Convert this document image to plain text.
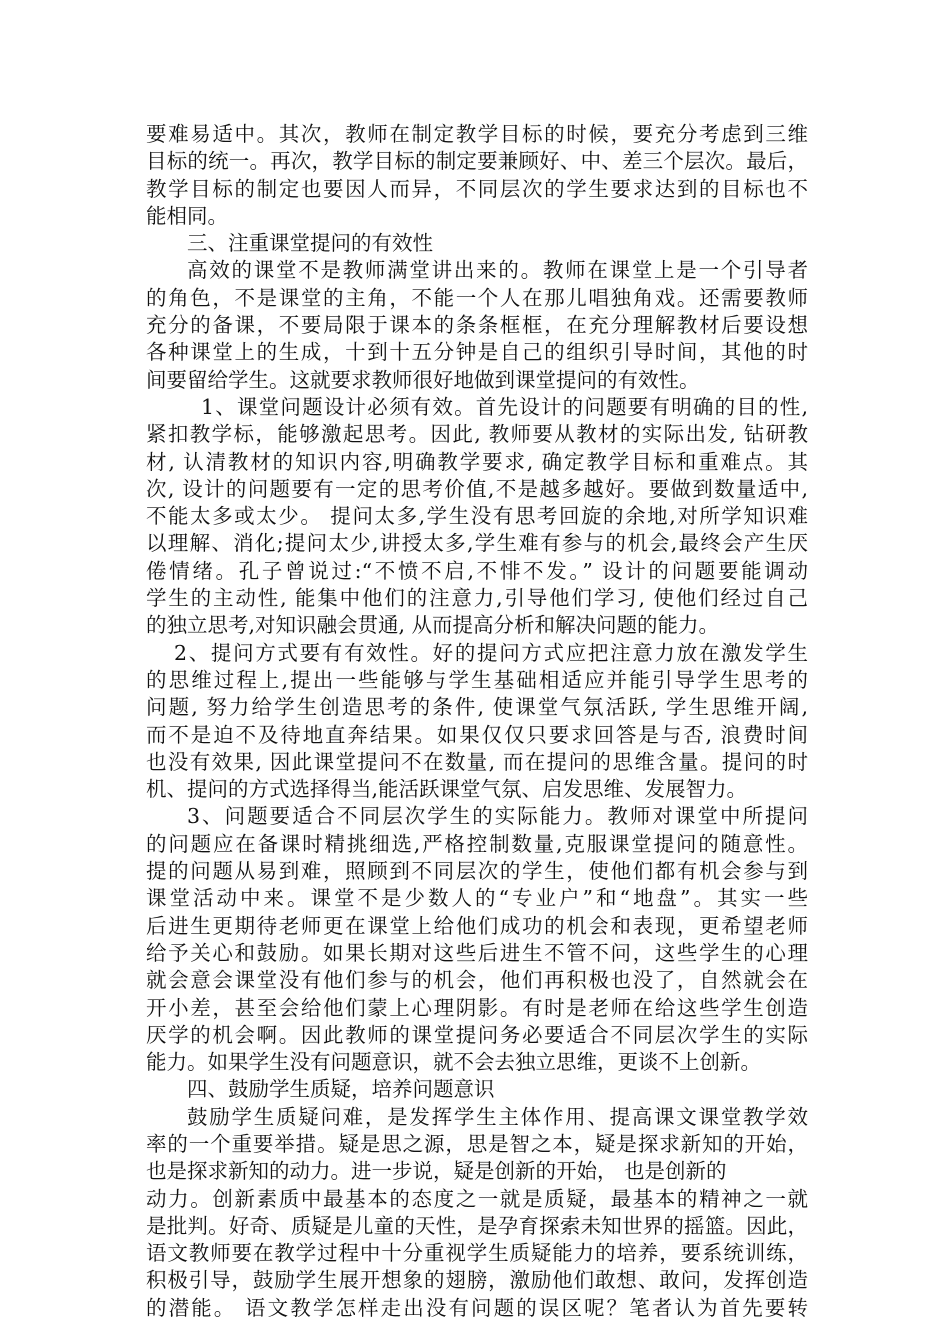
要难易适中。其次，教师在制定教学目标的时候，要充分考虑到三维
目标的统一。再次，教学目标的制定要兼顾好、中、差三个层次。最后，
教学目标的制定也要因人而异，不同层次的学生要求达到的目标也不
能相同。
三、注重课堂提问的有效性
高效的课堂不是教师满堂讲出来的。教师在课堂上是一个引导者
的角色，不是课堂的主角，不能一个人在那儿唱独角戏。还需要教师
充分的备课，不要局限于课本的条条框框，在充分理解教材后要设想
各种课堂上的生成，十到十五分钟是自己的组织引导时间，其他的时
间要留给学生。这就要求教师很好地做到课堂提问的有效性。
1、课堂问题设计必须有效。首先设计的问题要有明确的目的性,
紧扣教学标，能够激起思考。因此, 教师要从教材的实际出发, 钻研教
材, 认清教材的知识内容,明确教学要求, 确定教学目标和重难点。其
次, 设计的问题要有一定的思考价值,不是越多越好。要做到数量适中,
不能太多或太少。 提问太多,学生没有思考回旋的余地,对所学知识难
以理解、消化;提问太少,讲授太多,学生难有参与的机会,最终会产生厌
倦情绪。孔子曾说过:“不愤不启,不悱不发。” 设计的问题要能调动
学生的主动性, 能集中他们的注意力,引导他们学习, 使他们经过自己
的独立思考,对知识融会贯通, 从而提高分析和解决问题的能力。
2、提问方式要有有效性。好的提问方式应把注意力放在激发学生
的思维过程上,提出一些能够与学生基础相适应并能引导学生思考的
问题, 努力给学生创造思考的条件, 使课堂气氛活跃, 学生思维开阔,
而不是迫不及待地直奔结果。如果仅仅只要求回答是与否, 浪费时间
也没有效果, 因此课堂提问不在数量, 而在提问的思维含量。提问的时
机、提问的方式选择得当,能活跃课堂气氛、启发思维、发展智力。
3、问题要适合不同层次学生的实际能力。教师对课堂中所提问
的问题应在备课时精挑细选,严格控制数量,克服课堂提问的随意性。
提的问题从易到难，照顾到不同层次的学生，使他们都有机会参与到
课堂活动中来。课堂不是少数人的“专业户”和“地盘”。其实一些
后进生更期待老师更在课堂上给他们成功的机会和表现，更希望老师
给予关心和鼓励。如果长期对这些后进生不管不问，这些学生的心理
就会意会课堂没有他们参与的机会，他们再积极也没了，自然就会在
开小差，甚至会给他们蒙上心理阴影。有时是老师在给这些学生创造
厌学的机会啊。因此教师的课堂提问务必要适合不同层次学生的实际
能力。如果学生没有问题意识，就不会去独立思维，更谈不上创新。
四、鼓励学生质疑，培养问题意识
鼓励学生质疑问难，是发挥学生主体作用、提高课文课堂教学效
率的一个重要举措。疑是思之源，思是智之本，疑是探求新知的开始，
也是探求新知的动力。进一步说，疑是创新的开始， 也是创新的
动力。创新素质中最基本的态度之一就是质疑，最基本的精神之一就
是批判。好奇、质疑是儿童的天性，是孕育探索未知世界的摇篮。因此，
语文教师要在教学过程中十分重视学生质疑能力的培养，要系统训练，
积极引导，鼓励学生展开想象的翅膀，激励他们敢想、敢问，发挥创造
的潜能。 语文教学怎样走出没有问题的误区呢？笔者认为首先要转
